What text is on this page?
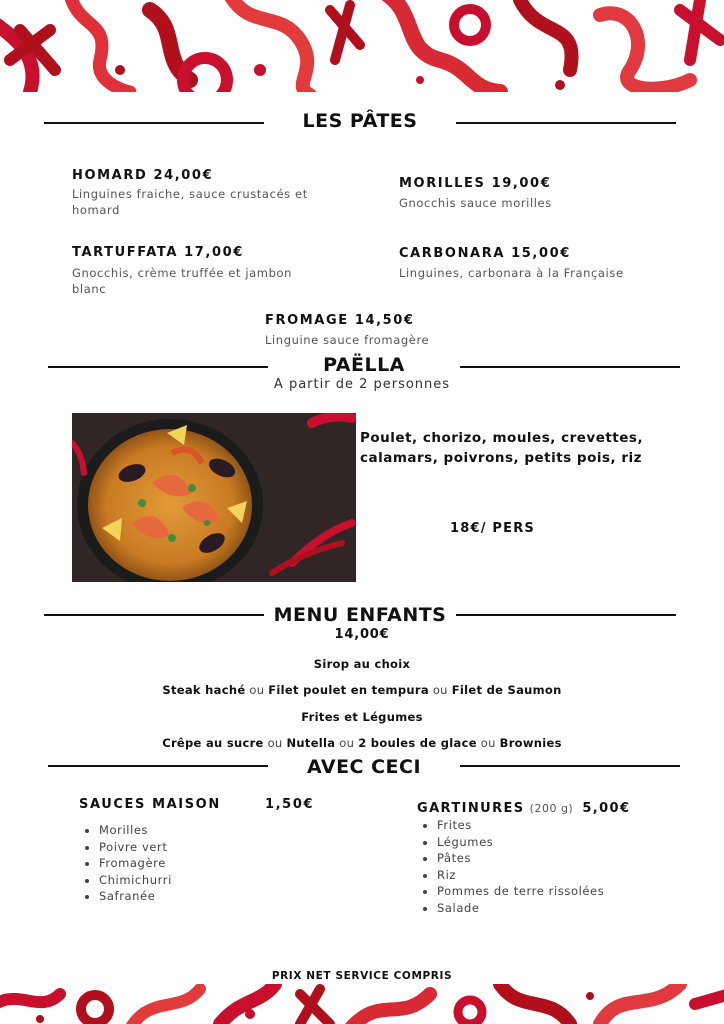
LES PÂTES
HOMARD 24,00€
Linguines fraiche, sauce crustacés et homard
MORILLES 19,00€
Gnocchis sauce morilles
TARTUFFATA 17,00€
Gnocchis, crème truffée et jambon blanc
CARBONARA 15,00€
Linguines, carbonara à la Française
FROMAGE 14,50€
Linguine sauce fromagère
PAËLLA
A partir de 2 personnes
Poulet, chorizo, moules, crevettes, calamars, poivrons, petits pois, riz
18€/ PERS
MENU ENFANTS
14,00€
Sirop au choix
Steak haché ou Filet poulet en tempura ou Filet de Saumon
Frites et Légumes
Crêpe au sucre ou Nutella ou 2 boules de glace ou Brownies
AVEC CECI
SAUCES MAISON	1,50€
• Morilles
• Poivre vert
• Fromagère
• Chimichurri
• Safranée
GARTINURES (200 g) 5,00€
• Frites
• Légumes
• Pâtes
• Riz
• Pommes de terre rissolées
• Salade
PRIX NET SERVICE COMPRIS
